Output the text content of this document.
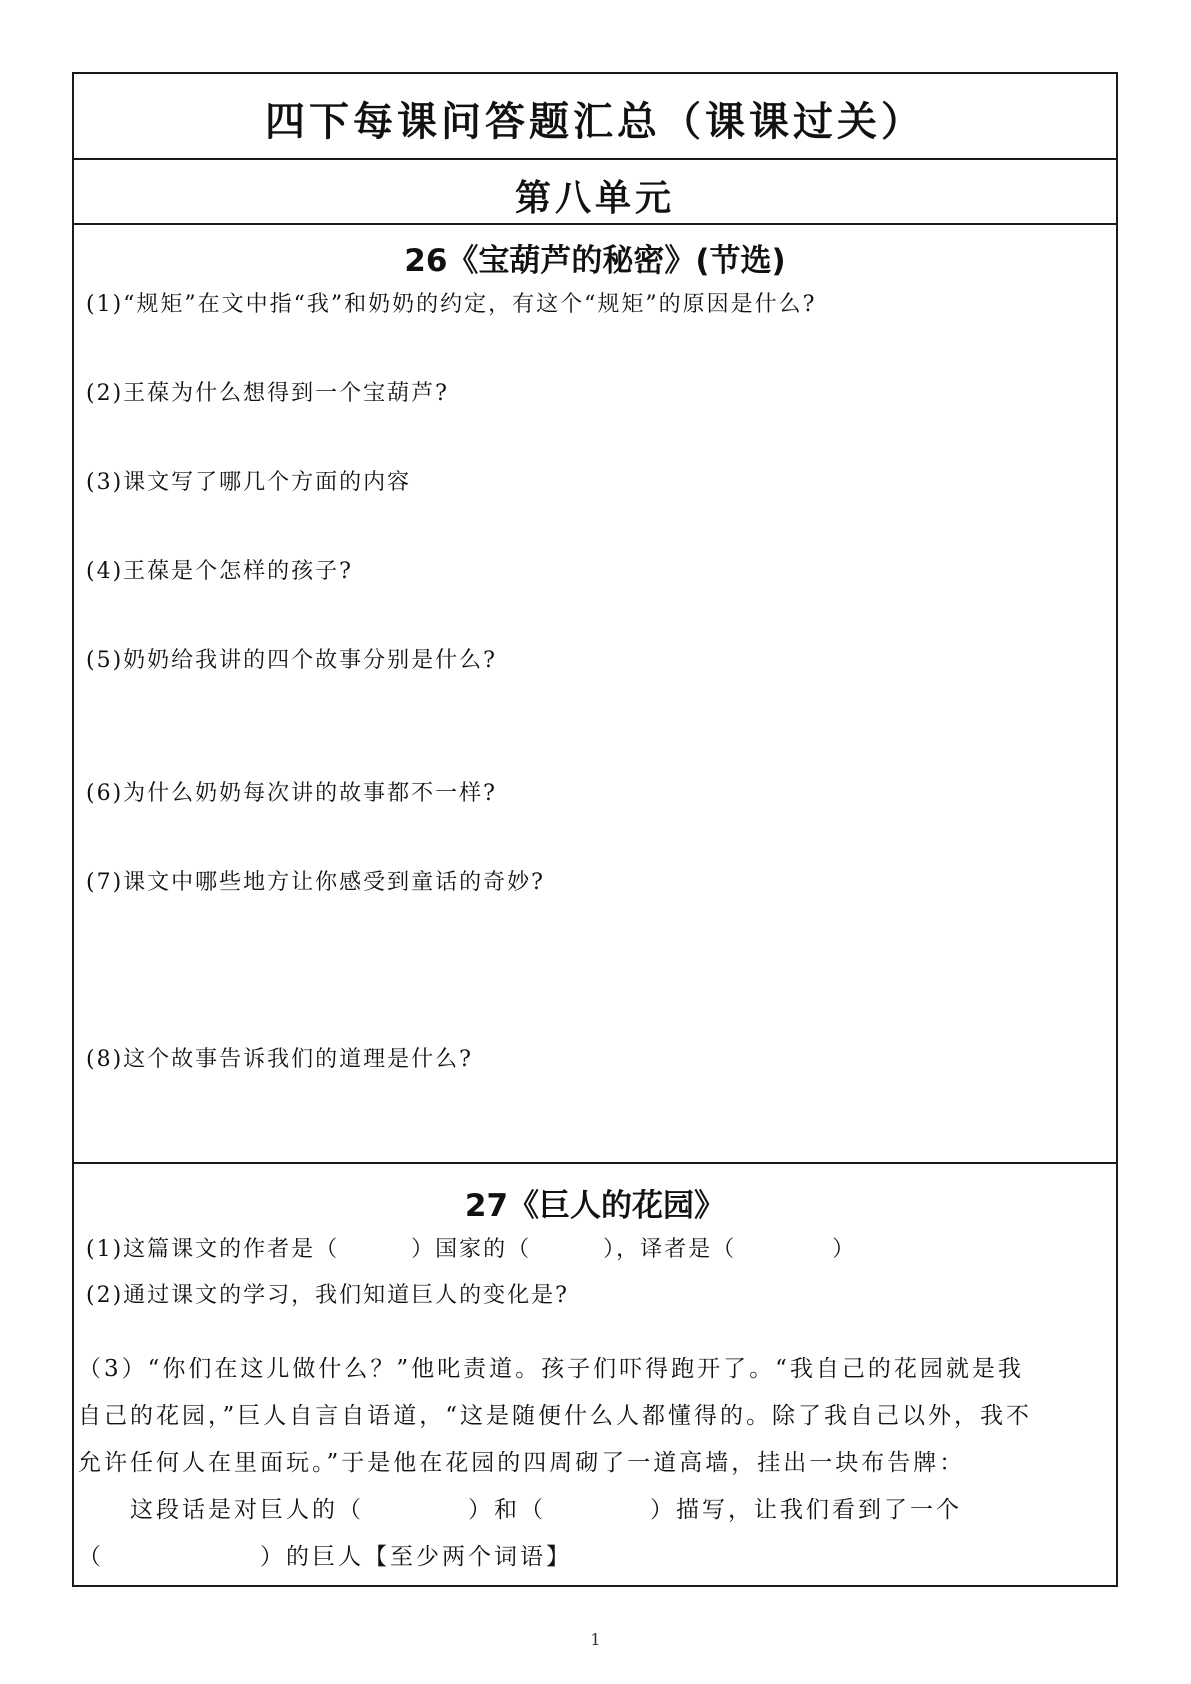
四下每课问答题汇总（课课过关）
第八单元
26《宝葫芦的秘密》(节选)
(1)“规矩”在文中指“我”和奶奶的约定，有这个“规矩”的原因是什么?
(2)王葆为什么想得到一个宝葫芦?
(3)课文写了哪几个方面的内容
(4)王葆是个怎样的孩子?
(5)奶奶给我讲的四个故事分别是什么?
(6)为什么奶奶每次讲的故事都不一样?
(7)课文中哪些地方让你感受到童话的奇妙?
(8)这个故事告诉我们的道理是什么?
27《巨人的花园》
(1)这篇课文的作者是（　　　）国家的（　　　），译者是（　　　　）
(2)通过课文的学习，我们知道巨人的变化是?
（3）“你们在这儿做什么？”他叱责道。孩子们吓得跑开了。“我自己的花园就是我
自己的花园，”巨人自言自语道，“这是随便什么人都懂得的。除了我自己以外，我不
允许任何人在里面玩。”于是他在花园的四周砌了一道高墙，挂出一块布告牌：
　　这段话是对巨人的（　　　　）和（　　　　）描写，让我们看到了一个
（　　　　　　）的巨人【至少两个词语】
1
